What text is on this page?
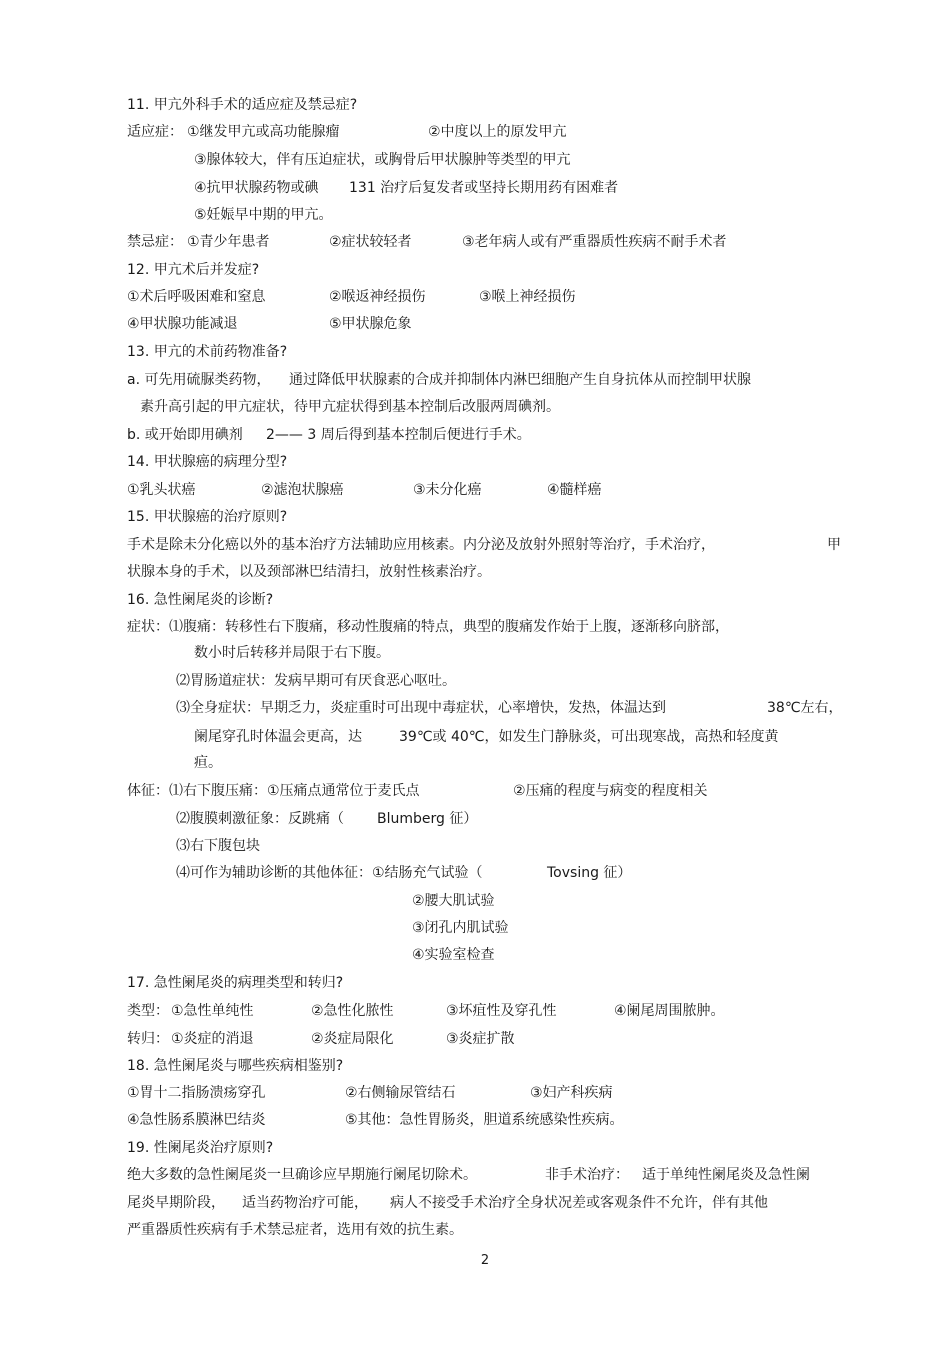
11. 甲亢外科手术的适应症及禁忌症?
适应症： ①继发甲亢或高功能腺瘤	②中度以上的原发甲亢
③腺体较大，伴有压迫症状，或胸骨后甲状腺肿等类型的甲亢
④抗甲状腺药物或碘 131 治疗后复发者或坚持长期用药有困难者
⑤妊娠早中期的甲亢。
禁忌症： ①青少年患者	②症状较轻者	③老年病人或有严重器质性疾病不耐手术者
12. 甲亢术后并发症?
①术后呼吸困难和窒息	②喉返神经损伤	③喉上神经损伤
④甲状腺功能减退	⑤甲状腺危象
13. 甲亢的术前药物准备?
a. 可先用硫脲类药物， 通过降低甲状腺素的合成并抑制体内淋巴细胞产生自身抗体从而控制甲状腺
素升高引起的甲亢症状，待甲亢症状得到基本控制后改服两周碘剂。
b. 或开始即用碘剂 2—— 3 周后得到基本控制后便进行手术。
14. 甲状腺癌的病理分型?
①乳头状癌	②滤泡状腺癌	③未分化癌	④髓样癌
15. 甲状腺癌的治疗原则?
手术是除未分化癌以外的基本治疗方法辅助应用核素。内分泌及放射外照射等治疗，手术治疗，	甲
状腺本身的手术，以及颈部淋巴结清扫，放射性核素治疗。
16. 急性阑尾炎的诊断?
症状：⑴腹痛：转移性右下腹痛，移动性腹痛的特点，典型的腹痛发作始于上腹，逐渐移向脐部，
数小时后转移并局限于右下腹。
⑵胃肠道症状：发病早期可有厌食恶心呕吐。
⑶全身症状：早期乏力，炎症重时可出现中毒症状，心率增快，发热，体温达到	38℃左右，
阑尾穿孔时体温会更高，达	39℃或 40℃，如发生门静脉炎，可出现寒战，高热和轻度黄
疸。
体征：⑴右下腹压痛：①压痛点通常位于麦氏点	②压痛的程度与病变的程度相关
⑵腹膜刺激征象：反跳痛（ Blumberg 征）
⑶右下腹包块
⑷可作为辅助诊断的其他体征：①结肠充气试验（	Tovsing 征）
②腰大肌试验
③闭孔内肌试验
④实验室检查
17. 急性阑尾炎的病理类型和转归?
类型： ①急性单纯性	②急性化脓性	③坏疽性及穿孔性	④阑尾周围脓肿。
转归： ①炎症的消退	②炎症局限化	③炎症扩散
18. 急性阑尾炎与哪些疾病相鉴别?
①胃十二指肠溃疡穿孔	②右侧输尿管结石	③妇产科疾病
④急性肠系膜淋巴结炎	⑤其他：急性胃肠炎，胆道系统感染性疾病。
19. 性阑尾炎治疗原则?
绝大多数的急性阑尾炎一旦确诊应早期施行阑尾切除术。	非手术治疗： 适于单纯性阑尾炎及急性阑
尾炎早期阶段， 适当药物治疗可能， 病人不接受手术治疗全身状况差或客观条件不允许，伴有其他
严重器质性疾病有手术禁忌症者，选用有效的抗生素。
2
